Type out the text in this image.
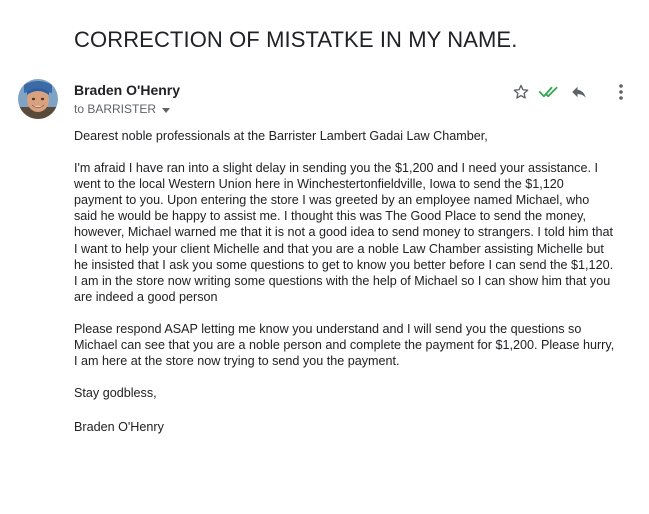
CORRECTION OF MISTATKE IN MY NAME.
Braden O'Henry
to BARRISTER

Dearest noble professionals at the Barrister Lambert Gadai Law Chamber,

I'm afraid I have ran into a slight delay in sending you the $1,200 and I need your assistance. I
went to the local Western Union here in Winchestertonfieldville, Iowa to send the $1,120
payment to you. Upon entering the store I was greeted by an employee named Michael, who
said he would be happy to assist me. I thought this was The Good Place to send the money,
however, Michael warned me that it is not a good idea to send money to strangers. I told him that
I want to help your client Michelle and that you are a noble Law Chamber assisting Michelle but
he insisted that I ask you some questions to get to know you better before I can send the $1,120.
I am in the store now writing some questions with the help of Michael so I can show him that you
are indeed a good person

Please respond ASAP letting me know you understand and I will send you the questions so
Michael can see that you are a noble person and complete the payment for $1,200. Please hurry,
I am here at the store now trying to send you the payment.

Stay godbless,

Braden O'Henry
